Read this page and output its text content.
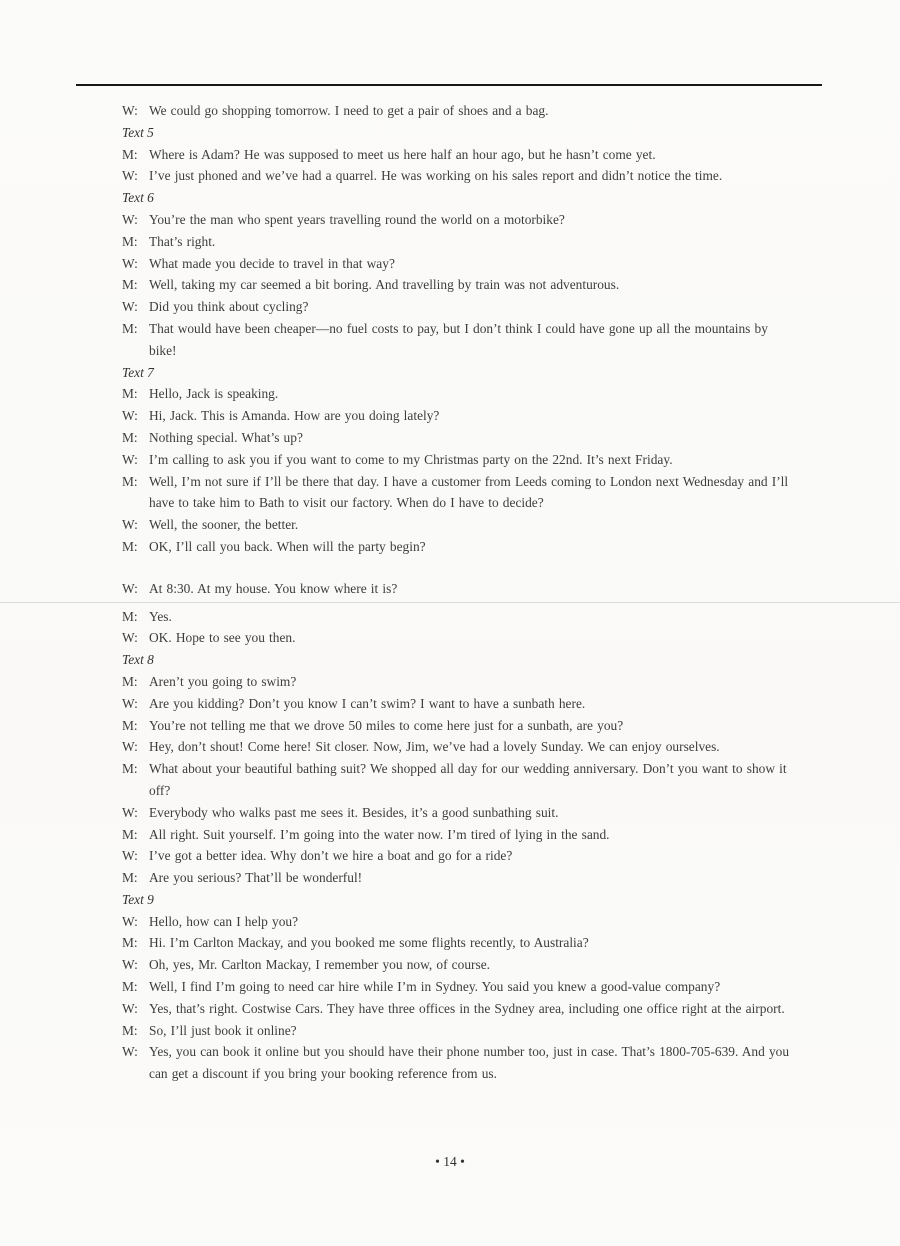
W: We could go shopping tomorrow. I need to get a pair of shoes and a bag.
Text 5
M: Where is Adam? He was supposed to meet us here half an hour ago, but he hasn’t come yet.
W: I’ve just phoned and we’ve had a quarrel. He was working on his sales report and didn’t notice the time.
Text 6
W: You’re the man who spent years travelling round the world on a motorbike?
M: That’s right.
W: What made you decide to travel in that way?
M: Well, taking my car seemed a bit boring. And travelling by train was not adventurous.
W: Did you think about cycling?
M: That would have been cheaper—no fuel costs to pay, but I don’t think I could have gone up all the mountains by bike!
Text 7
M: Hello, Jack is speaking.
W: Hi, Jack. This is Amanda. How are you doing lately?
M: Nothing special. What’s up?
W: I’m calling to ask you if you want to come to my Christmas party on the 22nd. It’s next Friday.
M: Well, I’m not sure if I’ll be there that day. I have a customer from Leeds coming to London next Wednesday and I’ll have to take him to Bath to visit our factory. When do I have to decide?
W: Well, the sooner, the better.
M: OK, I’ll call you back. When will the party begin?
W: At 8:30. At my house. You know where it is?
M: Yes.
W: OK. Hope to see you then.
Text 8
M: Aren’t you going to swim?
W: Are you kidding? Don’t you know I can’t swim? I want to have a sunbath here.
M: You’re not telling me that we drove 50 miles to come here just for a sunbath, are you?
W: Hey, don’t shout! Come here! Sit closer. Now, Jim, we’ve had a lovely Sunday. We can enjoy ourselves.
M: What about your beautiful bathing suit? We shopped all day for our wedding anniversary. Don’t you want to show it off?
W: Everybody who walks past me sees it. Besides, it’s a good sunbathing suit.
M: All right. Suit yourself. I’m going into the water now. I’m tired of lying in the sand.
W: I’ve got a better idea. Why don’t we hire a boat and go for a ride?
M: Are you serious? That’ll be wonderful!
Text 9
W: Hello, how can I help you?
M: Hi. I’m Carlton Mackay, and you booked me some flights recently, to Australia?
W: Oh, yes, Mr. Carlton Mackay, I remember you now, of course.
M: Well, I find I’m going to need car hire while I’m in Sydney. You said you knew a good-value company?
W: Yes, that’s right. Costwise Cars. They have three offices in the Sydney area, including one office right at the airport.
M: So, I’ll just book it online?
W: Yes, you can book it online but you should have their phone number too, just in case. That’s 1800-705-639. And you can get a discount if you bring your booking reference from us.
• 14 •
